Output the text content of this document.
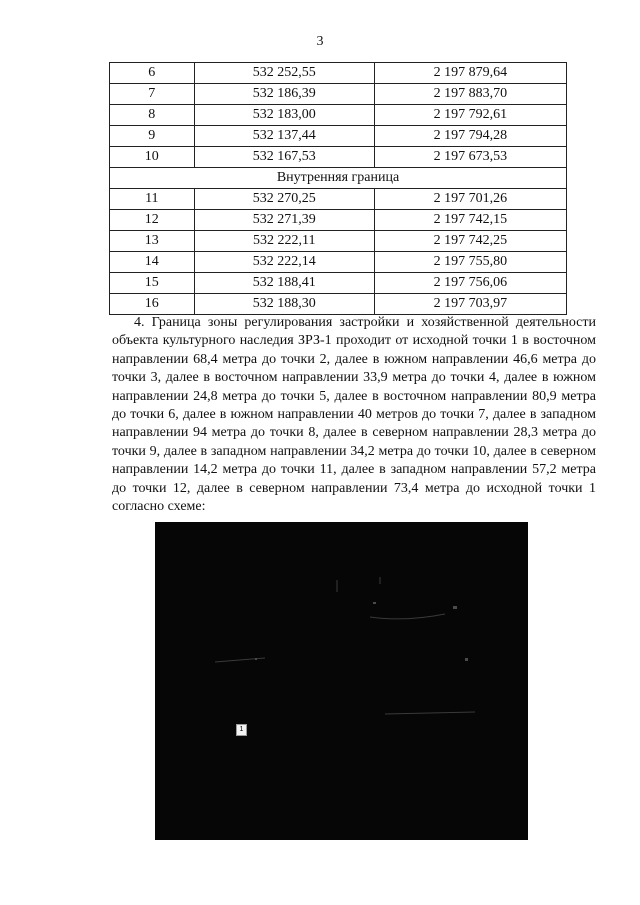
3
6	532 252,55	2 197 879,64
7	532 186,39	2 197 883,70
8	532 183,00	2 197 792,61
9	532 137,44	2 197 794,28
10	532 167,53	2 197 673,53
Внутренняя граница		
11	532 270,25	2 197 701,26
12	532 271,39	2 197 742,15
13	532 222,11	2 197 742,25
14	532 222,14	2 197 755,80
15	532 188,41	2 197 756,06
16	532 188,30	2 197 703,97

4. Граница зоны регулирования застройки и хозяйственной деятельности объекта культурного наследия ЗРЗ-1 проходит от исходной точки 1 в восточном направлении 68,4 метра до точки 2, далее в южном направлении 46,6 метра до точки 3, далее в восточном направлении 33,9 метра до точки 4, далее в южном направлении 24,8 метра до точки 5, далее в восточном направлении 80,9 метра до точки 6, далее в южном направлении 40 метров до точки 7, далее в западном направлении 94 метра до точки 8, далее в северном направлении 28,3 метра до точки 9, далее в западном направлении 34,2 метра до точки 10, далее в северном направлении 14,2 метра до точки 11, далее в западном направлении 57,2 метра до точки 12, далее в северном направлении 73,4 метра до исходной точки 1 согласно схеме:

1
